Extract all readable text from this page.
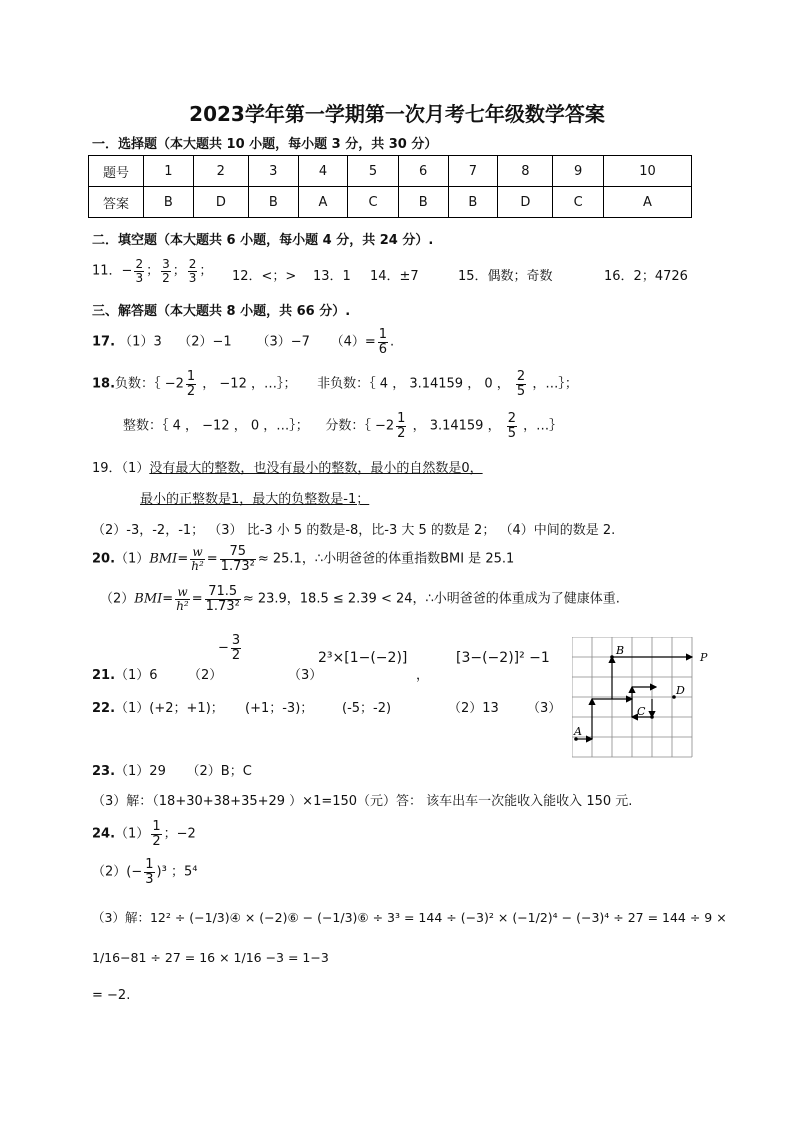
2023学年第一学期第一次月考七年级数学答案
一．选择题（本大题共 10 小题，每小题 3 分，共 30 分）
题号	1	2	3	4	5	6	7	8	9	10
答案	B	D	B	A	C	B	B	D	C	A
二．填空题（本大题共 6 小题，每小题 4 分，共 24 分）.
11．− $\frac{2}{3}$ ； $\frac{3}{2}$ ； $\frac{2}{3}$ ； 12．<；> 13．1 14．±7	15．偶数；奇数	16．2；4726
三、解答题（本大题共 8 小题，共 66 分）.
17. （1）3 （2）−1 （3）−7 $(4)= \frac{1}{6}$ .
18.负数：｛ $-2 \frac{1}{2}$ ， −12 ，…｝； 非负数：｛ 4 ， 3.14159 ， 0 ， $\frac{2}{5}$ ，…｝；
整数：｛ 4 ， −12 ， 0 ，…｝； 分数：｛ $-2 \frac{1}{2}$ ， 3.14159 ， $\frac{2}{5}$ ，…｝
19．（1）没有最大的整数，也没有最小的整数，最小的自然数是0，
最小的正整数是1，最大的负整数是-1；
（2）-3，-2，-1； （3） 比-3 小 5 的数是-8，比-3 大 5 的数是 2； （4）中间的数是 2.
$20.(1)BMI= \frac{w}{\text{h²}} = \frac{75}{\text{1.73²}} \approx 25.1$，∴小明爸爸的体重指数BMI 是 25.1
$(2)BMI= \frac{w}{\text{h²}} = \frac{71.5}{\text{1.73²}} \approx 23.9$，18.5 ≤ 2.39 < 24，∴小明爸爸的体重成为了健康体重.
21.（1）6 （2）
− $\frac{3}{2}$
（3）
2³×[1−(−2)]
，
[3−(−2)]² −1
22.（1）(+2；+1)； (+1；-3)； (-5；-2)	（2）13 （3）
A
B
C
D
P
23.（1）29 （2）B；C
（3）解：（18+30+38+35+29 ）×1=150（元）答： 该车出车一次能收入能收入 150 元.
$24.(1) \frac{1}{2}$ ；−2
$(2)(- \frac{1}{3} )^3$ ；5⁴
（3）解：12² ÷ (−1/3)④ × (−2)⑥ − (−1/3)⑥ ÷ 3³ = 144 ÷ (−3)² × (−1/2)⁴ − (−3)⁴ ÷ 27 = 144 ÷ 9 ×
1/16−81 ÷ 27 = 16 × 1/16 −3 = 1−3
= −2.
